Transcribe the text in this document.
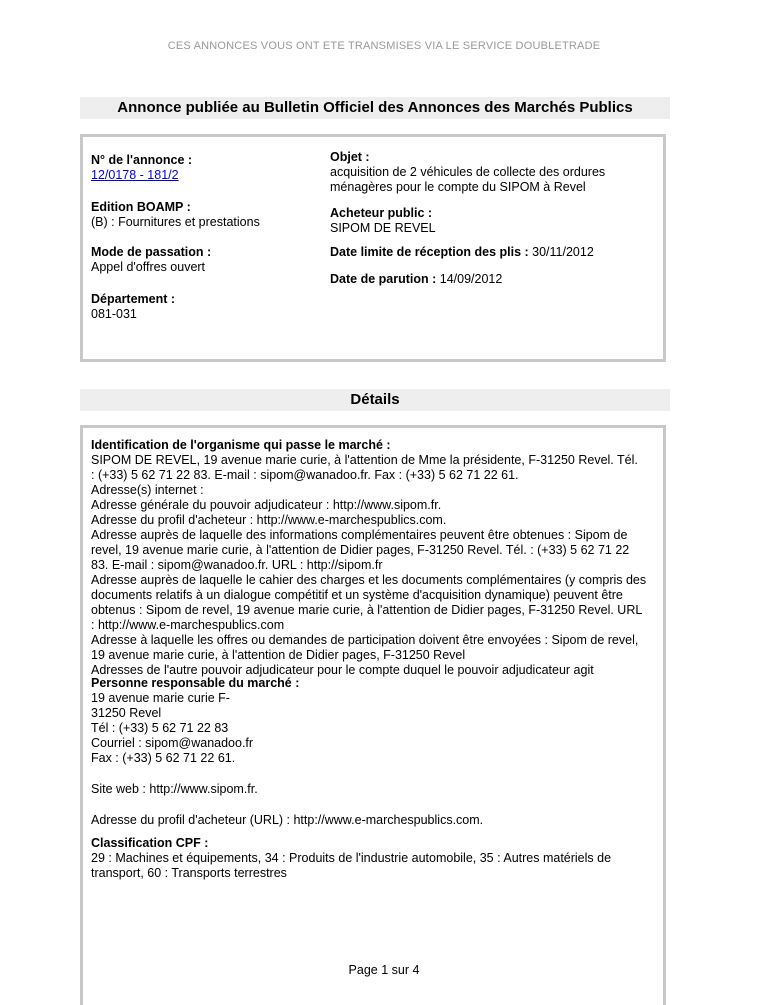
CES ANNONCES VOUS ONT ETE TRANSMISES VIA LE SERVICE DOUBLETRADE
Annonce publiée au Bulletin Officiel des Annonces des Marchés Publics
N° de l'annonce :
12/0178 - 181/2
Objet :
acquisition de 2 véhicules de collecte des ordures
ménagères pour le compte du SIPOM à Revel
Edition BOAMP :
(B) : Fournitures et prestations
Acheteur public :
SIPOM DE REVEL
Mode de passation :
Appel d'offres ouvert
Date limite de réception des plis : 30/11/2012
Date de parution : 14/09/2012
Département :
081-031
Détails
Identification de l'organisme qui passe le marché :
SIPOM DE REVEL, 19 avenue marie curie, à l'attention de Mme la présidente, F-31250 Revel. Tél.
: (+33) 5 62 71 22 83. E-mail : sipom@wanadoo.fr. Fax : (+33) 5 62 71 22 61.
Adresse(s) internet :
Adresse générale du pouvoir adjudicateur : http://www.sipom.fr.
Adresse du profil d'acheteur : http://www.e-marchespublics.com.
Adresse auprès de laquelle des informations complémentaires peuvent être obtenues : Sipom de
revel, 19 avenue marie curie, à l'attention de Didier pages, F-31250 Revel. Tél. : (+33) 5 62 71 22
83. E-mail : sipom@wanadoo.fr. URL : http://sipom.fr
Adresse auprès de laquelle le cahier des charges et les documents complémentaires (y compris des
documents relatifs à un dialogue compétitif et un système d'acquisition dynamique) peuvent être
obtenus : Sipom de revel, 19 avenue marie curie, à l'attention de Didier pages, F-31250 Revel. URL
: http://www.e-marchespublics.com
Adresse à laquelle les offres ou demandes de participation doivent être envoyées : Sipom de revel,
19 avenue marie curie, à l'attention de Didier pages, F-31250 Revel
Adresses de l'autre pouvoir adjudicateur pour le compte duquel le pouvoir adjudicateur agit
Personne responsable du marché :
19 avenue marie curie F-
31250 Revel
Tél : (+33) 5 62 71 22 83
Courriel : sipom@wanadoo.fr
Fax : (+33) 5 62 71 22 61.
Site web : http://www.sipom.fr.
Adresse du profil d'acheteur (URL) : http://www.e-marchespublics.com.
Classification CPF :
29 : Machines et équipements, 34 : Produits de l'industrie automobile, 35 : Autres matériels de
transport, 60 : Transports terrestres
Page 1 sur 4
